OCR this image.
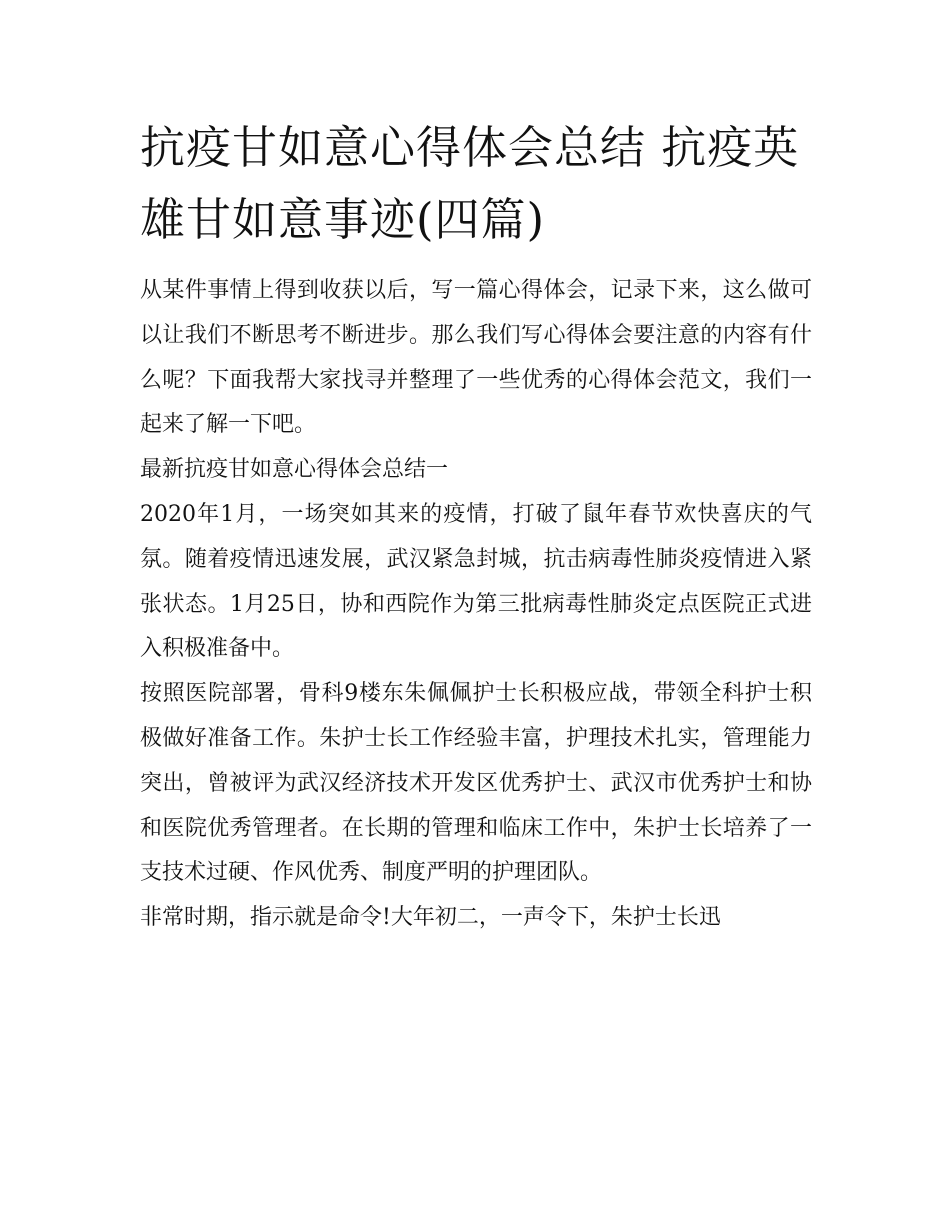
抗疫甘如意心得体会总结 抗疫英雄甘如意事迹(四篇)

从某件事情上得到收获以后，写一篇心得体会，记录下来，这么做可以让我们不断思考不断进步。那么我们写心得体会要注意的内容有什么呢？下面我帮大家找寻并整理了一些优秀的心得体会范文，我们一起来了解一下吧。

最新抗疫甘如意心得体会总结一

2020年1月，一场突如其来的疫情，打破了鼠年春节欢快喜庆的气氛。随着疫情迅速发展，武汉紧急封城，抗击病毒性肺炎疫情进入紧张状态。1月25日，协和西院作为第三批病毒性肺炎定点医院正式进入积极准备中。

按照医院部署，骨科9楼东朱佩佩护士长积极应战，带领全科护士积极做好准备工作。朱护士长工作经验丰富，护理技术扎实，管理能力突出，曾被评为武汉经济技术开发区优秀护士、武汉市优秀护士和协和医院优秀管理者。在长期的管理和临床工作中，朱护士长培养了一支技术过硬、作风优秀、制度严明的护理团队。

非常时期，指示就是命令!大年初二，一声令下，朱护士长迅
